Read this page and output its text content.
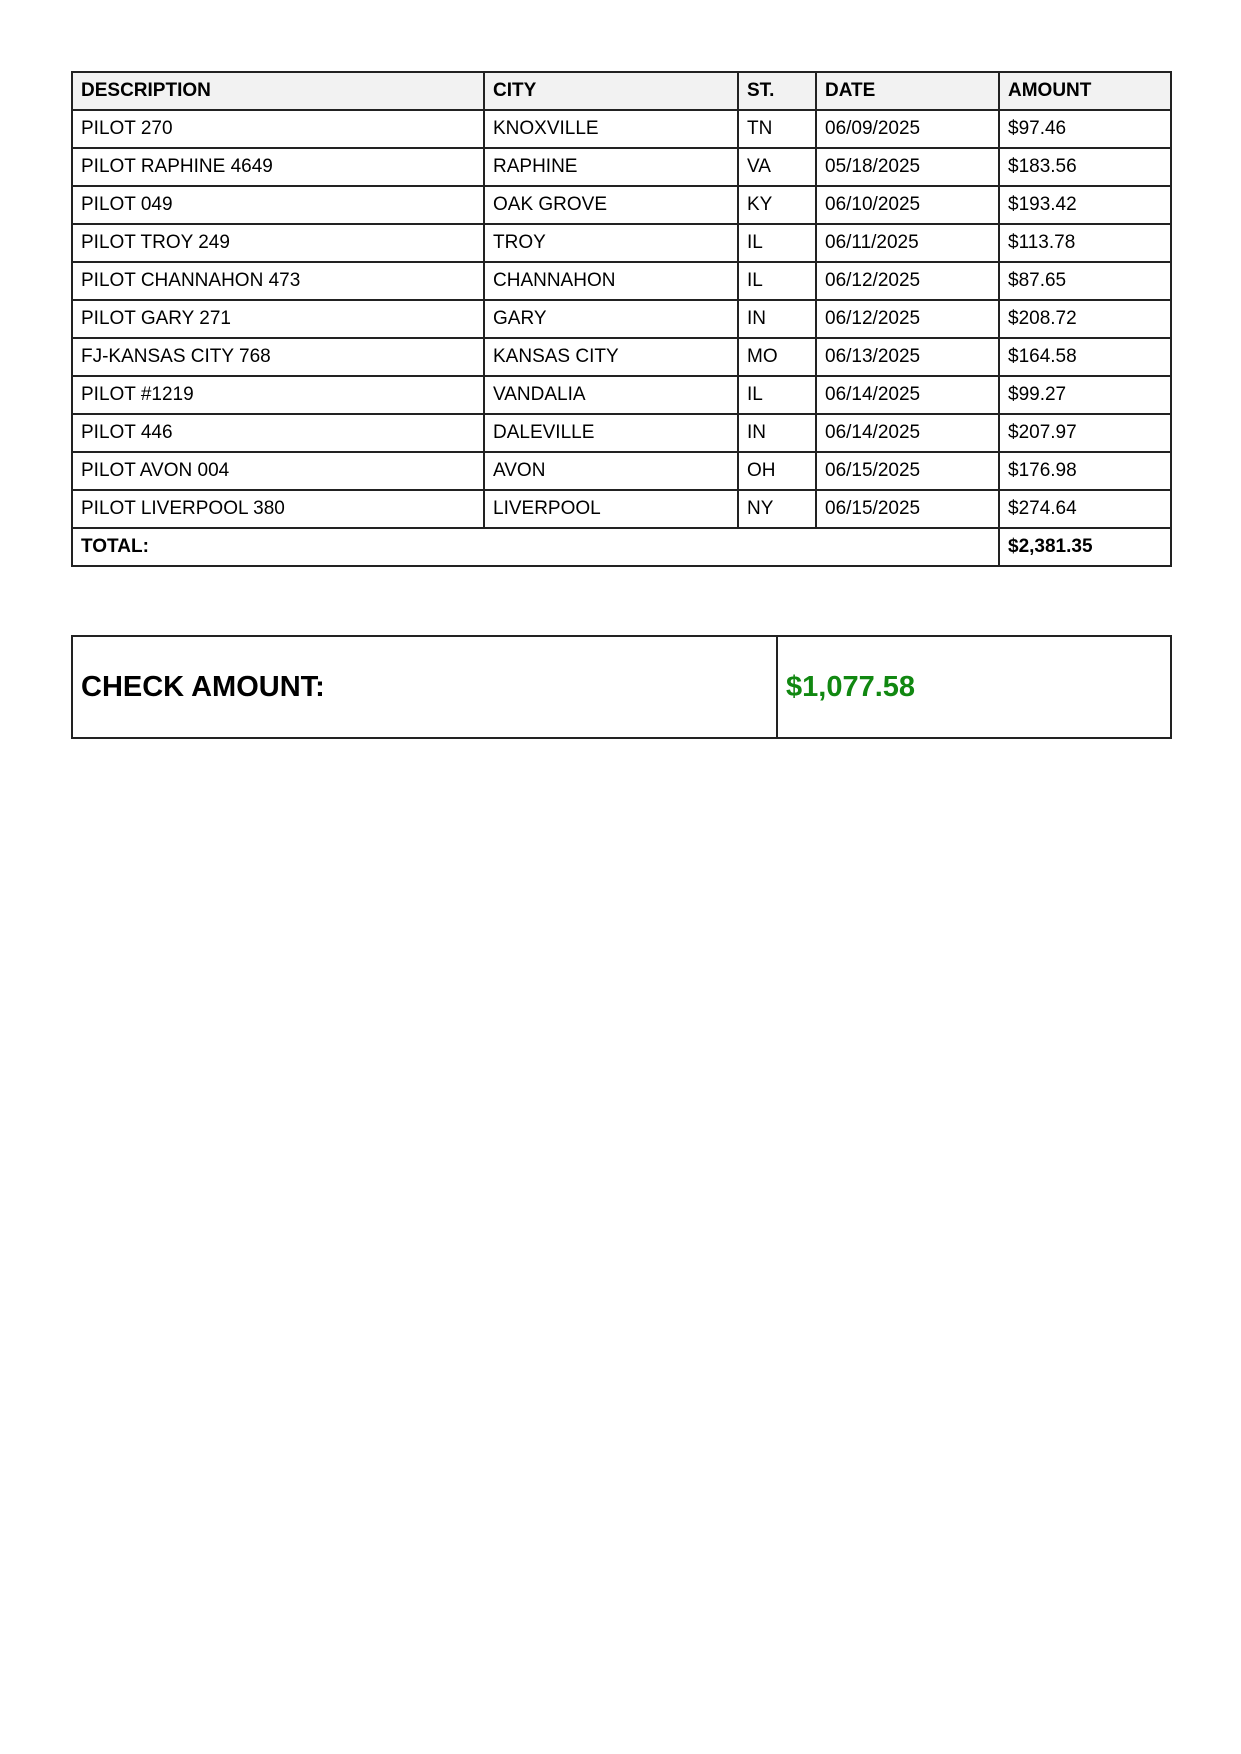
DESCRIPTION	CITY	ST.	DATE	AMOUNT
PILOT 270	KNOXVILLE	TN	06/09/2025	$97.46
PILOT RAPHINE 4649	RAPHINE	VA	05/18/2025	$183.56
PILOT 049	OAK GROVE	KY	06/10/2025	$193.42
PILOT TROY 249	TROY	IL	06/11/2025	$113.78
PILOT CHANNAHON 473	CHANNAHON	IL	06/12/2025	$87.65
PILOT GARY 271	GARY	IN	06/12/2025	$208.72
FJ-KANSAS CITY 768	KANSAS CITY	MO	06/13/2025	$164.58
PILOT #1219	VANDALIA	IL	06/14/2025	$99.27
PILOT 446	DALEVILLE	IN	06/14/2025	$207.97
PILOT AVON 004	AVON	OH	06/15/2025	$176.98
PILOT LIVERPOOL 380	LIVERPOOL	NY	06/15/2025	$274.64
TOTAL:				$2,381.35
CHECK AMOUNT:	$1,077.58
